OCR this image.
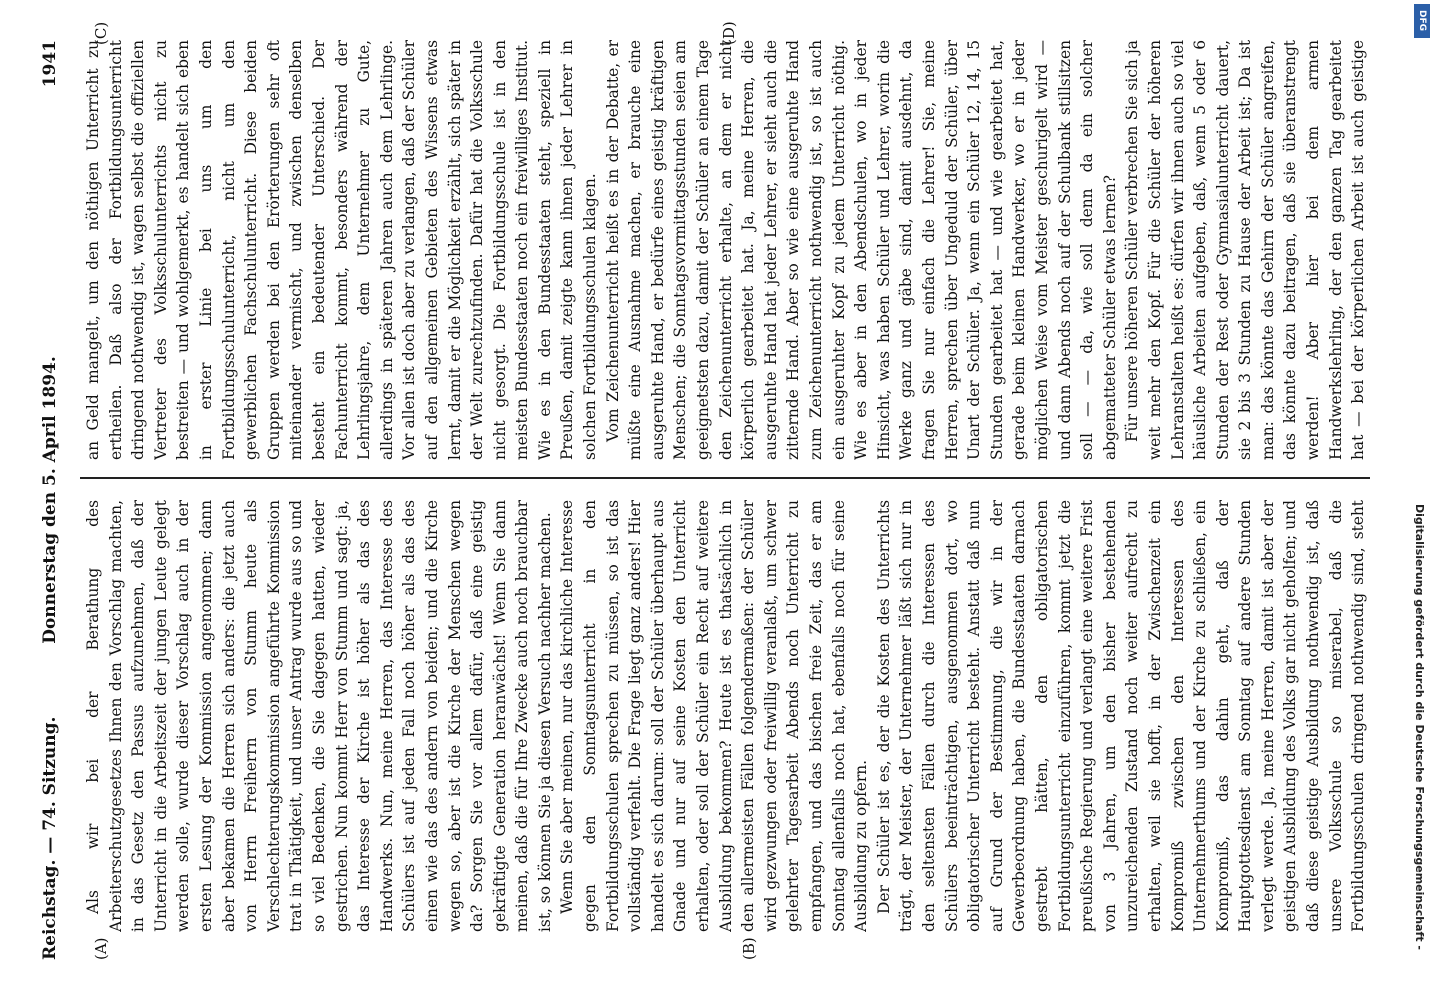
Reichstag. — 74. Sitzung.
Donnerstag den 5. April 1894.
1941
(A)	(B)
(C)	(D)

Als wir bei der Berathung des Arbeiterschutzgesetzes Ihnen den Vorschlag machten, in das Gesetz den Passus aufzunehmen, daß der Unterricht in die Arbeitszeit der jungen Leute gelegt werden solle, wurde dieser Vorschlag auch in der ersten Lesung der Kommission angenommen; dann aber bekamen die Herren sich anders: die jetzt auch von Herrn Freiherrn von Stumm heute als Verschlechterungskommission angeführte Kommission trat in Thätigkeit, und unser Antrag wurde aus so und so viel Bedenken, die Sie dagegen hatten, wieder gestrichen. Nun kommt Herr von Stumm und sagt: ja, das Interesse der Kirche ist höher als das des Handwerks. Nun, meine Herren, das Interesse des Schülers ist auf jeden Fall noch höher als das des einen wie das des andern von beiden; und die Kirche wegen so, aber ist die Kirche der Menschen wegen da? Sorgen Sie vor allem dafür, daß eine geistig gekräftigte Generation heranwächst! Wenn Sie dann meinen, daß die für Ihre Zwecke auch noch brauchbar ist, so können Sie ja diesen Versuch nachher machen. Wenn Sie aber meinen, nur das kirchliche Interesse gegen den Sonntagsunterricht in den Fortbildungsschulen sprechen zu müssen, so ist das vollständig verfehlt. Die Frage liegt ganz anders! Hier handelt es sich darum: soll der Schüler überhaupt aus Gnade und nur auf seine Kosten den Unterricht erhalten, oder soll der Schüler ein Recht auf weitere Ausbildung bekommen? Heute ist es thatsächlich in den allermeisten Fällen folgendermaßen: der Schüler wird gezwungen oder freiwillig veranlaßt, um schwer gelehrter Tagesarbeit Abends noch Unterricht zu empfangen, und das bischen freie Zeit, das er am Sonntag allenfalls noch hat, ebenfalls noch für seine Ausbildung zu opfern. Der Schüler ist es, der die Kosten des Unterrichts trägt, der Meister, der Unternehmer läßt sich nur in den seltensten Fällen durch die Interessen des Schülers beeinträchtigen, ausgenommen dort, wo obligatorischer Unterricht besteht. Anstatt daß nun auf Grund der Bestimmung, die wir in der Gewerbeordnung haben, die Bundesstaaten darnach gestrebt hätten, den obligatorischen Fortbildungsunterricht einzuführen, kommt jetzt die preußische Regierung und verlangt eine weitere Frist von 3 Jahren, um den bisher bestehenden unzureichenden Zustand noch weiter aufrecht zu erhalten, weil sie hofft, in der Zwischenzeit ein Kompromiß zwischen den Interessen des Unternehmerthums und der Kirche zu schließen, ein Kompromiß, das dahin geht, daß der Hauptgottesdienst am Sonntag auf andere Stunden verlegt werde. Ja, meine Herren, damit ist aber der geistigen Ausbildung des Volks gar nicht geholfen; und daß diese geistige Ausbildung nothwendig ist, daß unsere Volksschule so miserabel, daß die Fortbildungsschulen dringend nothwendig sind, steht

an Geld mangelt, um den nöthigen Unterricht zu ertheilen. Daß also der Fortbildungsunterricht dringend nothwendig ist, wagen selbst die offiziellen Vertreter des Volksschulunterrichts nicht zu bestreiten — und wohlgemerkt, es handelt sich eben in erster Linie bei uns um den Fortbildungsschulunterricht, nicht um den gewerblichen Fachschulunterricht. Diese beiden Gruppen werden bei den Erörterungen sehr oft miteinander vermischt, und zwischen denselben besteht ein bedeutender Unterschied. Der Fachunterricht kommt, besonders während der Lehrlingsjahre, dem Unternehmer zu Gute, allerdings in späteren Jahren auch dem Lehrlinge. Vor allen ist doch aber zu verlangen, daß der Schüler auf den allgemeinen Gebieten des Wissens etwas lernt, damit er die Möglichkeit erzählt, sich später in der Welt zurechtzufinden. Dafür hat die Volksschule nicht gesorgt. Die Fortbildungsschule ist in den meisten Bundesstaaten noch ein freiwilliges Institut. Wie es in den Bundesstaaten steht, speziell in Preußen, damit zeigte kann ihnen jeder Lehrer in solchen Fortbildungsschulen klagen. Vom Zeichenunterricht heißt es in der Debatte, er müßte eine Ausnahme machen, er brauche eine ausgeruhte Hand, er bedürfe eines geistig kräftigen Menschen; die Sonntagsvormittagsstunden seien am geeignetsten dazu, damit der Schüler an einem Tage den Zeichenunterricht erhalte, an dem er nicht körperlich gearbeitet hat. Ja, meine Herren, die ausgeruhte Hand hat jeder Lehrer, er sieht auch die zitternde Hand. Aber so wie eine ausgeruhte Hand zum Zeichenunterricht nothwendig ist, so ist auch ein ausgeruhter Kopf zu jedem Unterricht nöthig. Wie es aber in den Abendschulen, wo in jeder Hinsicht, was haben Schüler und Lehrer, worin die Werke ganz und gäbe sind, damit ausdehnt, da fragen Sie nur einfach die Lehrer! Sie, meine Herren, sprechen über Ungeduld der Schüler, über Unart der Schüler. Ja, wenn ein Schüler 12, 14, 15 Stunden gearbeitet hat — und wie gearbeitet hat, gerade beim kleinen Handwerker, wo er in jeder möglichen Weise vom Meister geschurigelt wird — und dann Abends noch auf der Schulbank stillsitzen soll — — da, wie soll denn da ein solcher abgematteter Schüler etwas lernen? Für unsere höheren Schüler verbrechen Sie sich ja weit mehr den Kopf. Für die Schüler der höheren Lehranstalten heißt es: dürfen wir ihnen auch so viel häusliche Arbeiten aufgeben, daß, wenn 5 oder 6 Stunden der Rest oder Gymnasialunterricht dauert, sie 2 bis 3 Stunden zu Hause der Arbeit ist; Da ist man: das könnte das Gehirn der Schüler angreifen, das könnte dazu beitragen, daß sie überanstrengt werden! Aber hier bei dem armen Handwerkslehrling, der den ganzen Tag gearbeitet hat — bei der körperlichen Arbeit ist auch geistige

Digitalisierung gefördert durch die Deutsche Forschungsgemeinschaft -
DFG
